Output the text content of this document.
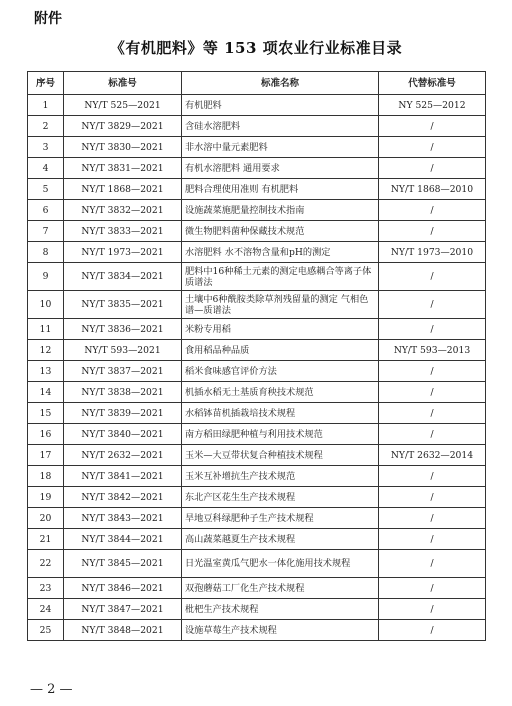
附件
《有机肥料》等 153 项农业行业标准目录
序号	标准号	标准名称	代替标准号
1	NY/T 525—2021	有机肥料	NY 525—2012
2	NY/T 3829—2021	含硅水溶肥料	/
3	NY/T 3830—2021	非水溶中量元素肥料	/
4	NY/T 3831—2021	有机水溶肥料 通用要求	/
5	NY/T 1868—2021	肥料合理使用准则 有机肥料	NY/T 1868—2010
6	NY/T 3832—2021	设施蔬菜施肥量控制技术指南	/
7	NY/T 3833—2021	微生物肥料菌种保藏技术规范	/
8	NY/T 1973—2021	水溶肥料 水不溶物含量和pH的测定	NY/T 1973—2010
9	NY/T 3834—2021	肥料中16种稀土元素的测定电感耦合等离子体质谱法	/
10	NY/T 3835—2021	土壤中6种酰胺类除草剂残留量的测定 气相色谱—质谱法	/
11	NY/T 3836—2021	米粉专用稻	/
12	NY/T 593—2021	食用稻品种品质	NY/T 593—2013
13	NY/T 3837—2021	稻米食味感官评价方法	/
14	NY/T 3838—2021	机插水稻无土基质育秧技术规范	/
15	NY/T 3839—2021	水稻钵苗机插栽培技术规程	/
16	NY/T 3840—2021	南方稻田绿肥种植与利用技术规范	/
17	NY/T 2632—2021	玉米—大豆带状复合种植技术规程	NY/T 2632—2014
18	NY/T 3841—2021	玉米互补增抗生产技术规范	/
19	NY/T 3842—2021	东北产区花生生产技术规程	/
20	NY/T 3843—2021	旱地豆科绿肥种子生产技术规程	/
21	NY/T 3844—2021	高山蔬菜越夏生产技术规程	/
22	NY/T 3845—2021	日光温室黄瓜气肥水一体化施用技术规程	/
23	NY/T 3846—2021	双孢蘑菇工厂化生产技术规程	/
24	NY/T 3847—2021	枇杷生产技术规程	/
25	NY/T 3848—2021	设施草莓生产技术规程	/
— 2 —
